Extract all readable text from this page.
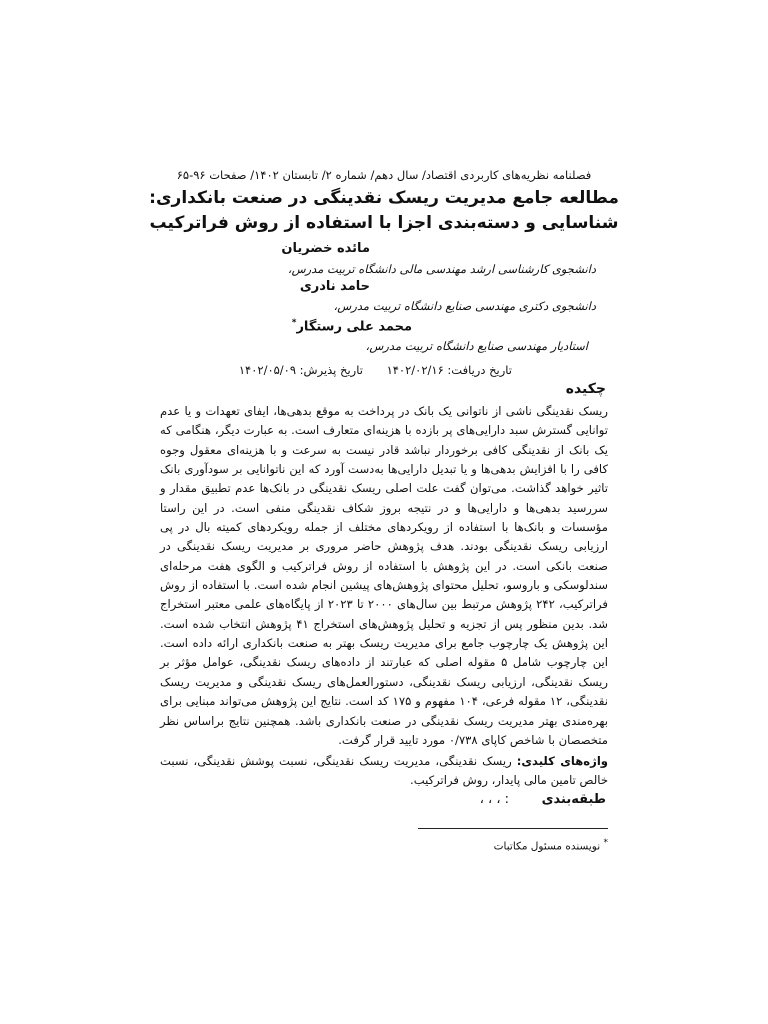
فصلنامه نظریه‌های کاربردی اقتصاد/ سال دهم/ شماره ۲/ تابستان ۱۴۰۲/ صفحات ۹۶-۶۵
مطالعه جامع مدیریت ریسک نقدینگی در صنعت بانکداری:
شناسایی و دسته‌بندی اجزا با استفاده از روش فراترکیب
مائده خضریان
دانشجوی کارشناسی ارشد مهندسی مالی دانشگاه تربیت مدرس،
حامد نادری
دانشجوی دکتری مهندسی صنایع دانشگاه تربیت مدرس،
محمد علی رستگار*
استادیار مهندسی صنایع دانشگاه تربیت مدرس،
تاریخ دریافت: ۱۴۰۲/۰۲/۱۶ تاریخ پذیرش: ۱۴۰۲/۰۵/۰۹
چکیده
ریسک نقدینگی ناشی از ناتوانی یک بانک در پرداخت به موقع بدهی‌ها، ایفای تعهدات و یا عدم توانایی گسترش سبد دارایی‌های پر بازده با هزینه‌ای متعارف است. به عبارت دیگر، هنگامی که یک بانک از نقدینگی کافی برخوردار نباشد قادر نیست به سرعت و با هزینه‌ای معقول وجوه کافی را با افزایش بدهی‌ها و یا تبدیل دارایی‌ها به‌دست آورد که این ناتوانایی بر سودآوری بانک تاثیر خواهد گذاشت. می‌توان گفت علت اصلی ریسک نقدینگی در بانک‌ها عدم تطبیق مقدار و سررسید بدهی‌ها و دارایی‌ها و در نتیجه بروز شکاف نقدینگی منفی است. در این راستا مؤسسات و بانک‌ها با استفاده از رویکردهای مختلف از جمله رویکردهای کمیته بال در پی ارزیابی ریسک نقدینگی بودند. هدف پژوهش حاضر مروری بر مدیریت ریسک نقدینگی در صنعت بانکی است. در این پژوهش با استفاده از روش فراترکیب و الگوی هفت مرحله‌ای سندلوسکی و باروسو، تحلیل محتوای پژوهش‌های پیشین انجام شده است. با استفاده از روش فراترکیب، ۲۴۲ پژوهش مرتبط بین سال‌های ۲۰۰۰ تا ۲۰۲۳ از پایگاه‌های علمی معتبر استخراج شد. بدین منظور پس از تجزیه و تحلیل پژوهش‌های استخراج ۴۱ پژوهش انتخاب شده است. این پژوهش یک چارچوب جامع برای مدیریت ریسک بهتر به صنعت بانکداری ارائه داده است. این چارچوب شامل ۵ مقوله اصلی که عبارتند از داده‌های ریسک نقدینگی، عوامل مؤثر بر ریسک نقدینگی، ارزیابی ریسک نقدینگی، دستورالعمل‌های ریسک نقدینگی و مدیریت ریسک نقدینگی، ۱۲ مقوله فرعی، ۱۰۴ مفهوم و ۱۷۵ کد است. نتایج این پژوهش می‌تواند مبنایی برای بهره‌مندی بهتر مدیریت ریسک نقدینگی در صنعت بانکداری باشد. همچنین نتایج براساس نظر متخصصان با شاخص کاپای ۰/۷۳۸ مورد تایید قرار گرفت.
واژه‌های کلیدی: ریسک نقدینگی، مدیریت ریسک نقدینگی، نسبت پوشش نقدینگی، نسبت خالص تامین مالی پایدار، روش فراترکیب.
طبقه‌بندی : ، ، ،
* نویسنده مسئول مکاتبات
